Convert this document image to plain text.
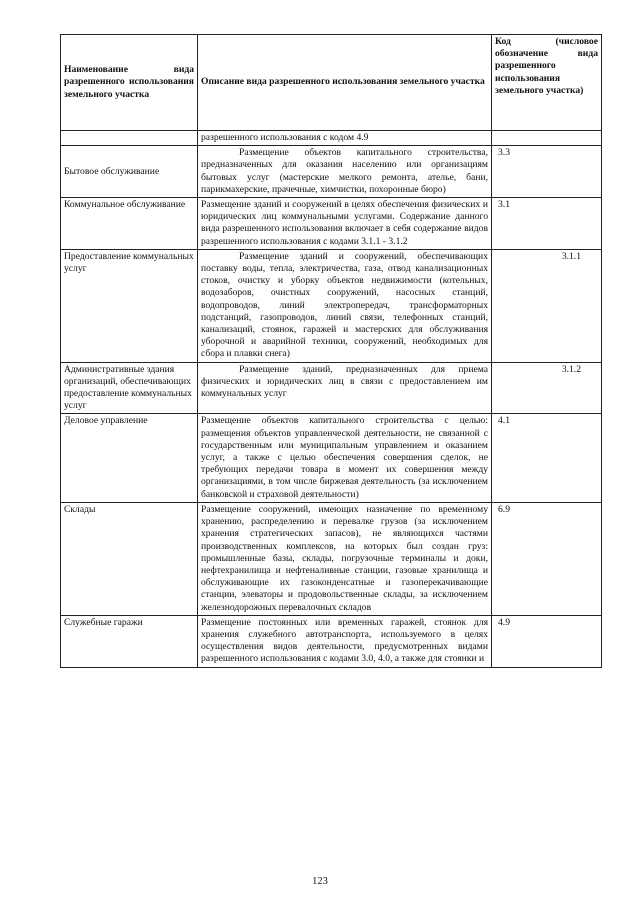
Наименование вида разрешенного использования земельного участка	Описание вида разрешенного использования земельного участка	Код (числовое обозначение вида разрешенного использования земельного участка)
	разрешенного использования с кодом 4.9	
Бытовое обслуживание	Размещение объектов капитального строительства, предназначенных для оказания населению или организациям бытовых услуг (мастерские мелкого ремонта, ателье, бани, парикмахерские, прачечные, химчистки, похоронные бюро)	3.3
Коммунальное обслуживание	Размещение зданий и сооружений в целях обеспечения физических и юридических лиц коммунальными услугами. Содержание данного вида разрешенного использования включает в себя содержание видов разрешенного использования с кодами 3.1.1 - 3.1.2	3.1
Предоставление коммунальных услуг	Размещение зданий и сооружений, обеспечивающих поставку воды, тепла, электричества, газа, отвод канализационных стоков, очистку и уборку объектов недвижимости (котельных, водозаборов, очистных сооружений, насосных станций, водопроводов, линий электропередач, трансформаторных подстанций, газопроводов, линий связи, телефонных станций, канализаций, стоянок, гаражей и мастерских для обслуживания уборочной и аварийной техники, сооружений, необходимых для сбора и плавки снега)	3.1.1
Административные здания организаций, обеспечивающих предоставление коммунальных услуг	Размещение зданий, предназначенных для приема физических и юридических лиц в связи с предоставлением им коммунальных услуг	3.1.2
Деловое управление	Размещение объектов капитального строительства с целью: размещения объектов управленческой деятельности, не связанной с государственным или муниципальным управлением и оказанием услуг, а также с целью обеспечения совершения сделок, не требующих передачи товара в момент их совершения между организациями, в том числе биржевая деятельность (за исключением банковской и страховой деятельности)	4.1
Склады	Размещение сооружений, имеющих назначение по временному хранению, распределению и перевалке грузов (за исключением хранения стратегических запасов), не являющихся частями производственных комплексов, на которых был создан груз: промышленные базы, склады, погрузочные терминалы и доки, нефтехранилища и нефтеналивные станции, газовые хранилища и обслуживающие их газоконденсатные и газоперекачивающие станции, элеваторы и продовольственные склады, за исключением железнодорожных перевалочных складов	6.9
Служебные гаражи	Размещение постоянных или временных гаражей, стоянок для хранения служебного автотранспорта, используемого в целях осуществления видов деятельности, предусмотренных видами разрешенного использования с кодами 3.0, 4.0, а также для стоянки и	4.9
123
